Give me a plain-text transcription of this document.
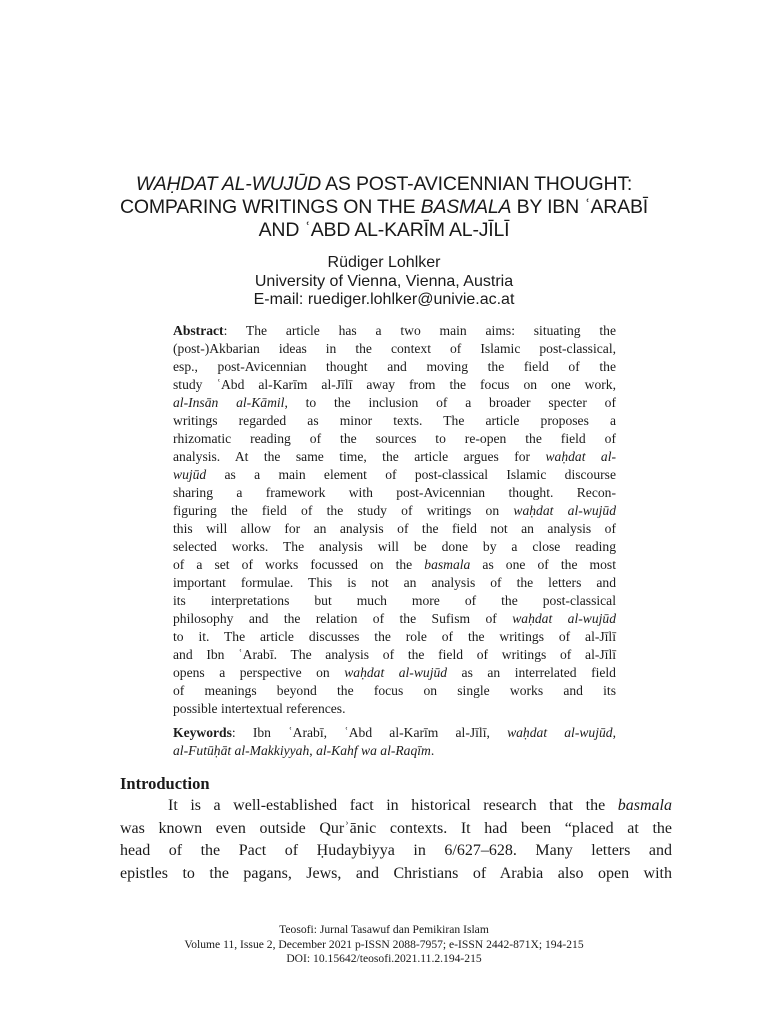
WAḤDAT AL-WUJŪD AS POST-AVICENNIAN THOUGHT:
COMPARING WRITINGS ON THE BASMALA BY IBN ʿARABĪ
AND ʿABD AL-KARĪM AL-JĪLĪ
Rüdiger Lohlker
University of Vienna, Vienna, Austria
E-mail: ruediger.lohlker@univie.ac.at
Abstract: The article has a two main aims: situating the
(post-)Akbarian ideas in the context of Islamic post-classical,
esp., post-Avicennian thought and moving the field of the
study ʿAbd al-Karīm al-Jīlī away from the focus on one work,
al-Insān al-Kāmil, to the inclusion of a broader specter of
writings regarded as minor texts. The article proposes a
rhizomatic reading of the sources to re-open the field of
analysis. At the same time, the article argues for waḥdat al-
wujūd as a main element of post-classical Islamic discourse
sharing a framework with post-Avicennian thought. Recon-
figuring the field of the study of writings on waḥdat al-wujūd
this will allow for an analysis of the field not an analysis of
selected works. The analysis will be done by a close reading
of a set of works focussed on the basmala as one of the most
important formulae. This is not an analysis of the letters and
its interpretations but much more of the post-classical
philosophy and the relation of the Sufism of waḥdat al-wujūd
to it. The article discusses the role of the writings of al-Jīlī
and Ibn ʿArabī. The analysis of the field of writings of al-Jīlī
opens a perspective on waḥdat al-wujūd as an interrelated field
of meanings beyond the focus on single works and its
possible intertextual references.
Keywords: Ibn ʿArabī, ʿAbd al-Karīm al-Jīlī, waḥdat al-wujūd,
al-Futūḥāt al-Makkiyyah, al-Kahf wa al-Raqīm.
Introduction
It is a well-established fact in historical research that the basmala
was known even outside Qurʾānic contexts. It had been “placed at the
head of the Pact of Ḥudaybiyya in 6/627–628. Many letters and
epistles to the pagans, Jews, and Christians of Arabia also open with
Teosofi: Jurnal Tasawuf dan Pemikiran Islam
Volume 11, Issue 2, December 2021 p-ISSN 2088-7957; e-ISSN 2442-871X; 194-215
DOI: 10.15642/teosofi.2021.11.2.194-215
